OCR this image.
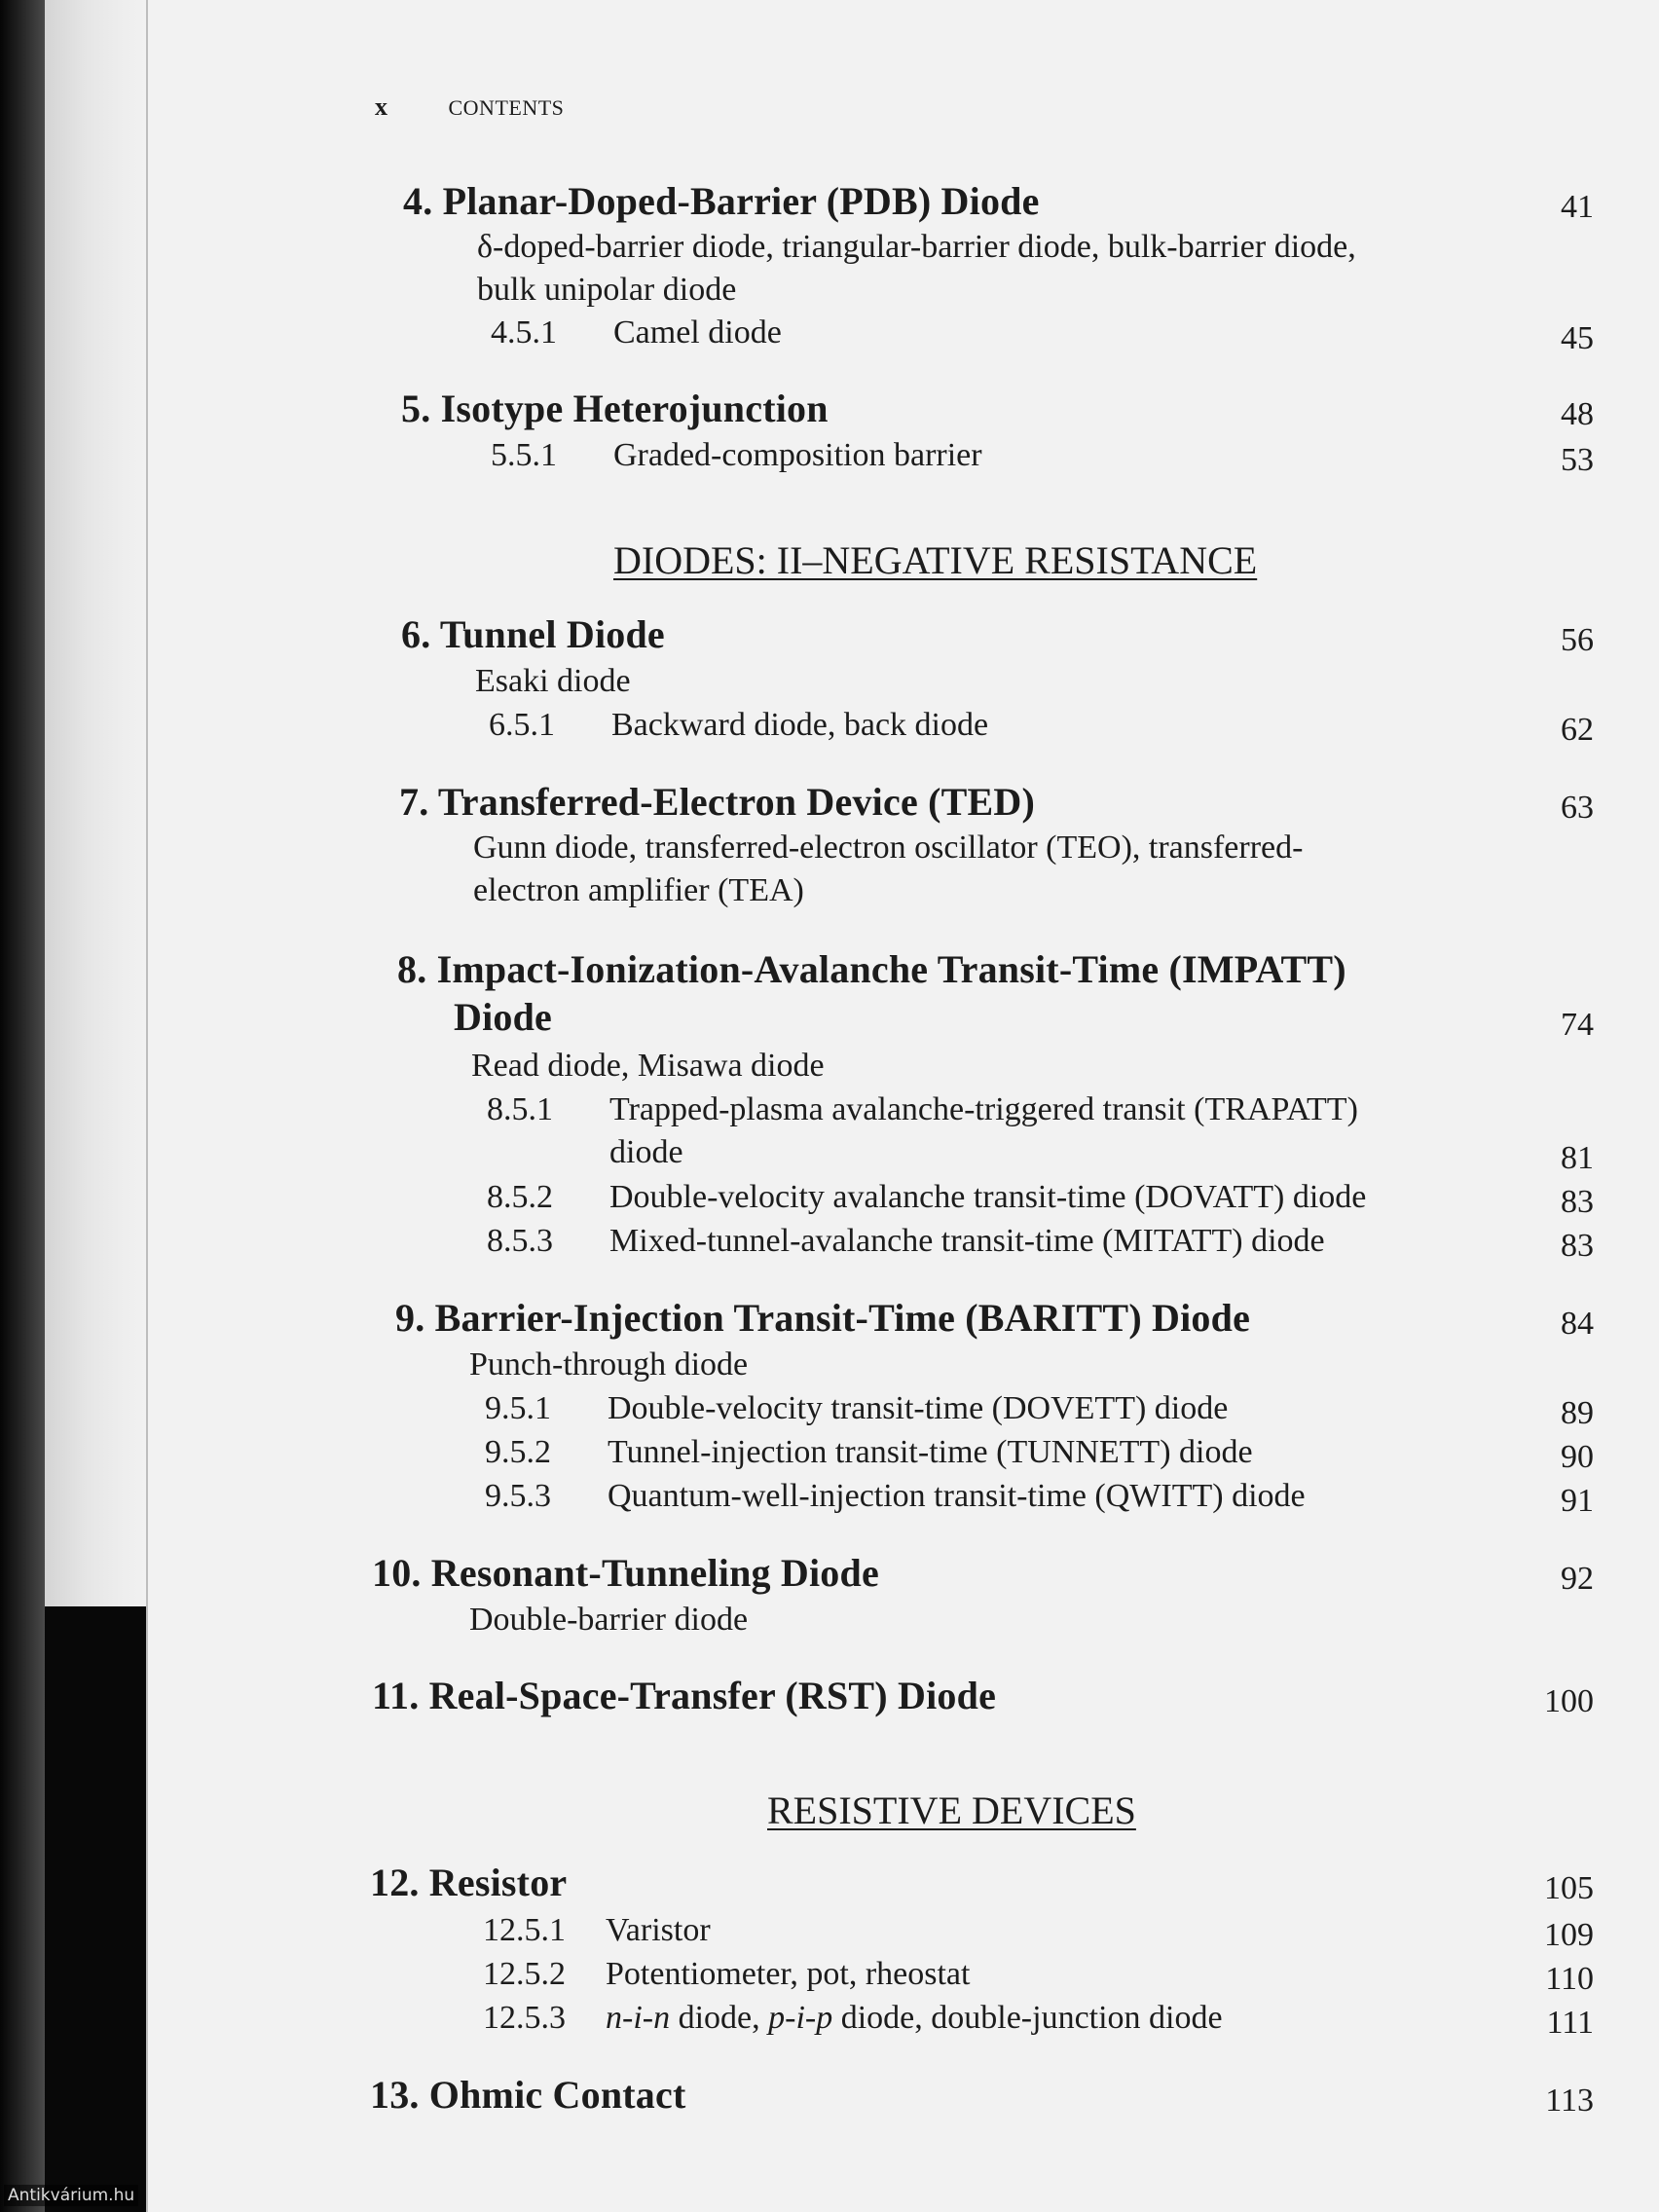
x	CONTENTS
4. Planar-Doped-Barrier (PDB) Diode	41
δ-doped-barrier diode, triangular-barrier diode, bulk-barrier diode,
bulk unipolar diode
4.5.1 Camel diode	45
5. Isotype Heterojunction	48
5.5.1 Graded-composition barrier	53
DIODES: II–NEGATIVE RESISTANCE
6. Tunnel Diode	56
Esaki diode
6.5.1 Backward diode, back diode	62
7. Transferred-Electron Device (TED)	63
Gunn diode, transferred-electron oscillator (TEO), transferred-
electron amplifier (TEA)
8. Impact-Ionization-Avalanche Transit-Time (IMPATT)
Diode	74
Read diode, Misawa diode
8.5.1 Trapped-plasma avalanche-triggered transit (TRAPATT)
diode	81
8.5.2 Double-velocity avalanche transit-time (DOVATT) diode	83
8.5.3 Mixed-tunnel-avalanche transit-time (MITATT) diode	83
9. Barrier-Injection Transit-Time (BARITT) Diode	84
Punch-through diode
9.5.1 Double-velocity transit-time (DOVETT) diode	89
9.5.2 Tunnel-injection transit-time (TUNNETT) diode	90
9.5.3 Quantum-well-injection transit-time (QWITT) diode	91
10. Resonant-Tunneling Diode	92
Double-barrier diode
11. Real-Space-Transfer (RST) Diode	100
RESISTIVE DEVICES
12. Resistor	105
12.5.1 Varistor	109
12.5.2 Potentiometer, pot, rheostat	110
12.5.3 n-i-n diode, p-i-p diode, double-junction diode	111
13. Ohmic Contact	113
Antikvárium.hu
